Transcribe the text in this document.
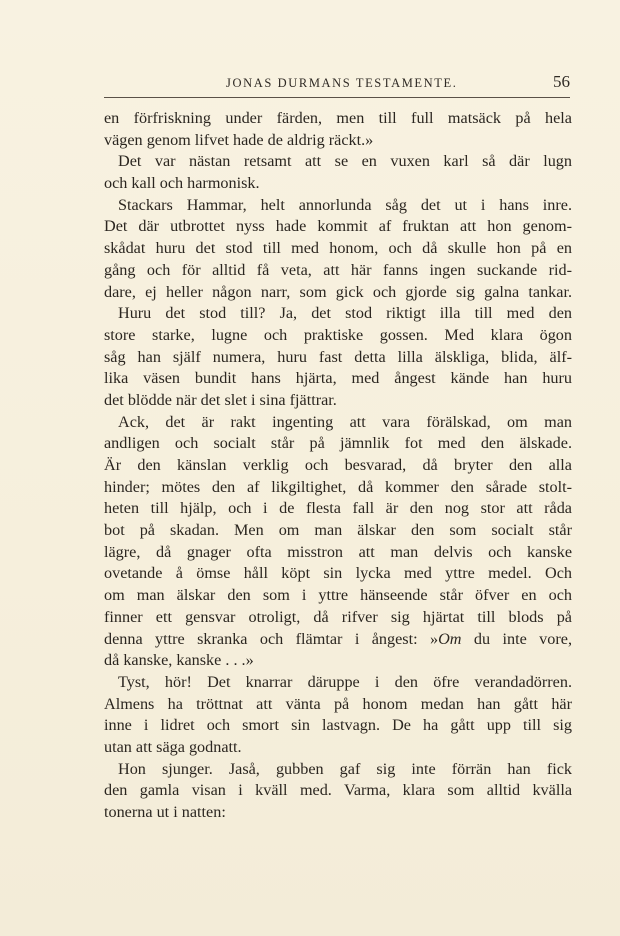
JONAS DURMANS TESTAMENTE.	56
en förfriskning under färden, men till full matsäck på hela
vägen genom lifvet hade de aldrig räckt.»
Det var nästan retsamt att se en vuxen karl så där lugn
och kall och harmonisk.
Stackars Hammar, helt annorlunda såg det ut i hans inre.
Det där utbrottet nyss hade kommit af fruktan att hon genom-
skådat huru det stod till med honom, och då skulle hon på en
gång och för alltid få veta, att här fanns ingen suckande rid-
dare, ej heller någon narr, som gick och gjorde sig galna tankar.
Huru det stod till? Ja, det stod riktigt illa till med den
store starke, lugne och praktiske gossen. Med klara ögon
såg han själf numera, huru fast detta lilla älskliga, blida, älf-
lika väsen bundit hans hjärta, med ångest kände han huru
det blödde när det slet i sina fjättrar.
Ack, det är rakt ingenting att vara förälskad, om man
andligen och socialt står på jämnlik fot med den älskade.
Är den känslan verklig och besvarad, då bryter den alla
hinder; mötes den af likgiltighet, då kommer den sårade stolt-
heten till hjälp, och i de flesta fall är den nog stor att råda
bot på skadan. Men om man älskar den som socialt står
lägre, då gnager ofta misstron att man delvis och kanske
ovetande å ömse håll köpt sin lycka med yttre medel. Och
om man älskar den som i yttre hänseende står öfver en och
finner ett gensvar otroligt, då rifver sig hjärtat till blods på
denna yttre skranka och flämtar i ångest: »Om du inte vore,
då kanske, kanske . . .»
Tyst, hör! Det knarrar däruppe i den öfre verandadörren.
Almens ha tröttnat att vänta på honom medan han gått här
inne i lidret och smort sin lastvagn. De ha gått upp till sig
utan att säga godnatt.
Hon sjunger. Jaså, gubben gaf sig inte förrän han fick
den gamla visan i kväll med. Varma, klara som alltid kvälla
tonerna ut i natten:
